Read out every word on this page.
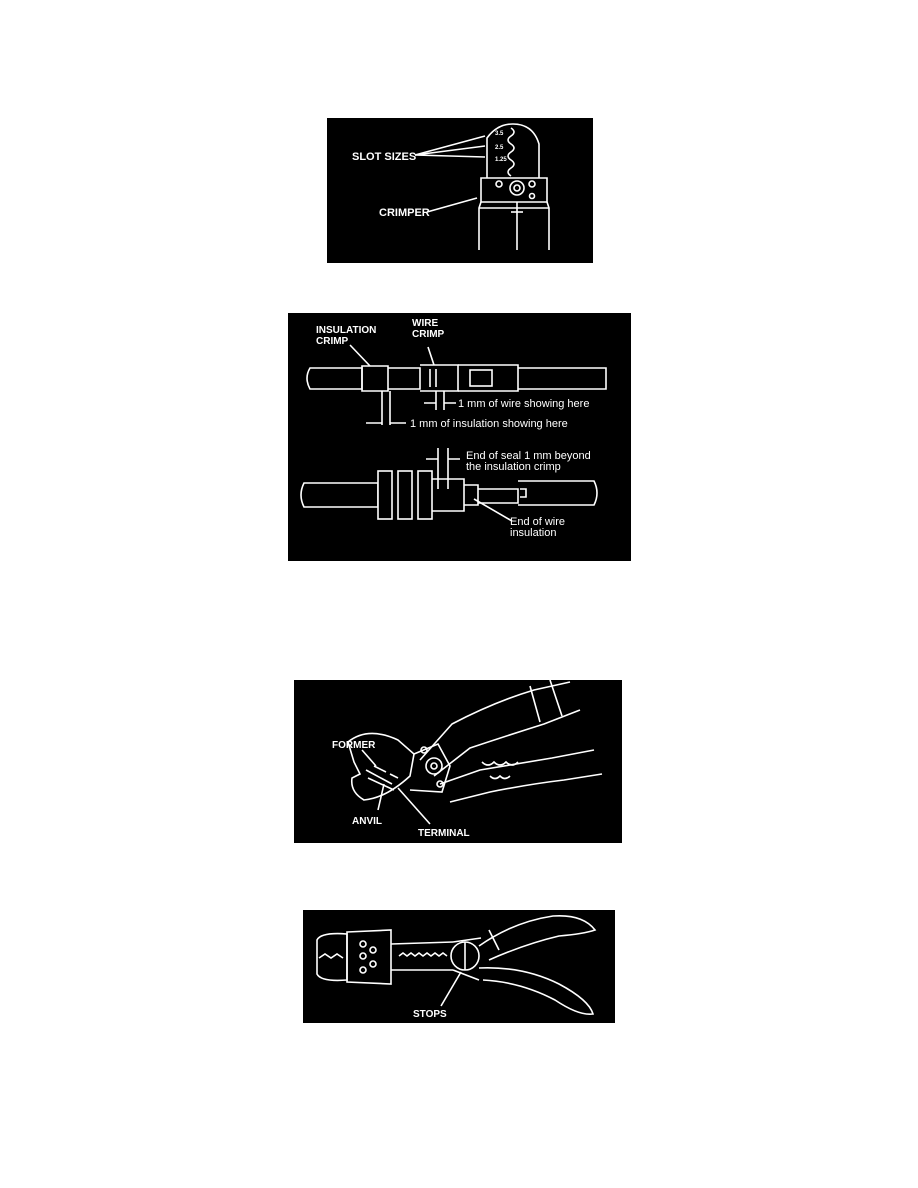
SLOT SIZES
CRIMPER
3.5
2.5
1.25
INSULATION
CRIMP
WIRE
CRIMP
1 mm of wire showing here
1 mm of insulation showing here
End of seal 1 mm beyond
the insulation crimp
End of wire
insulation
FORMER
ANVIL
TERMINAL
STOPS
